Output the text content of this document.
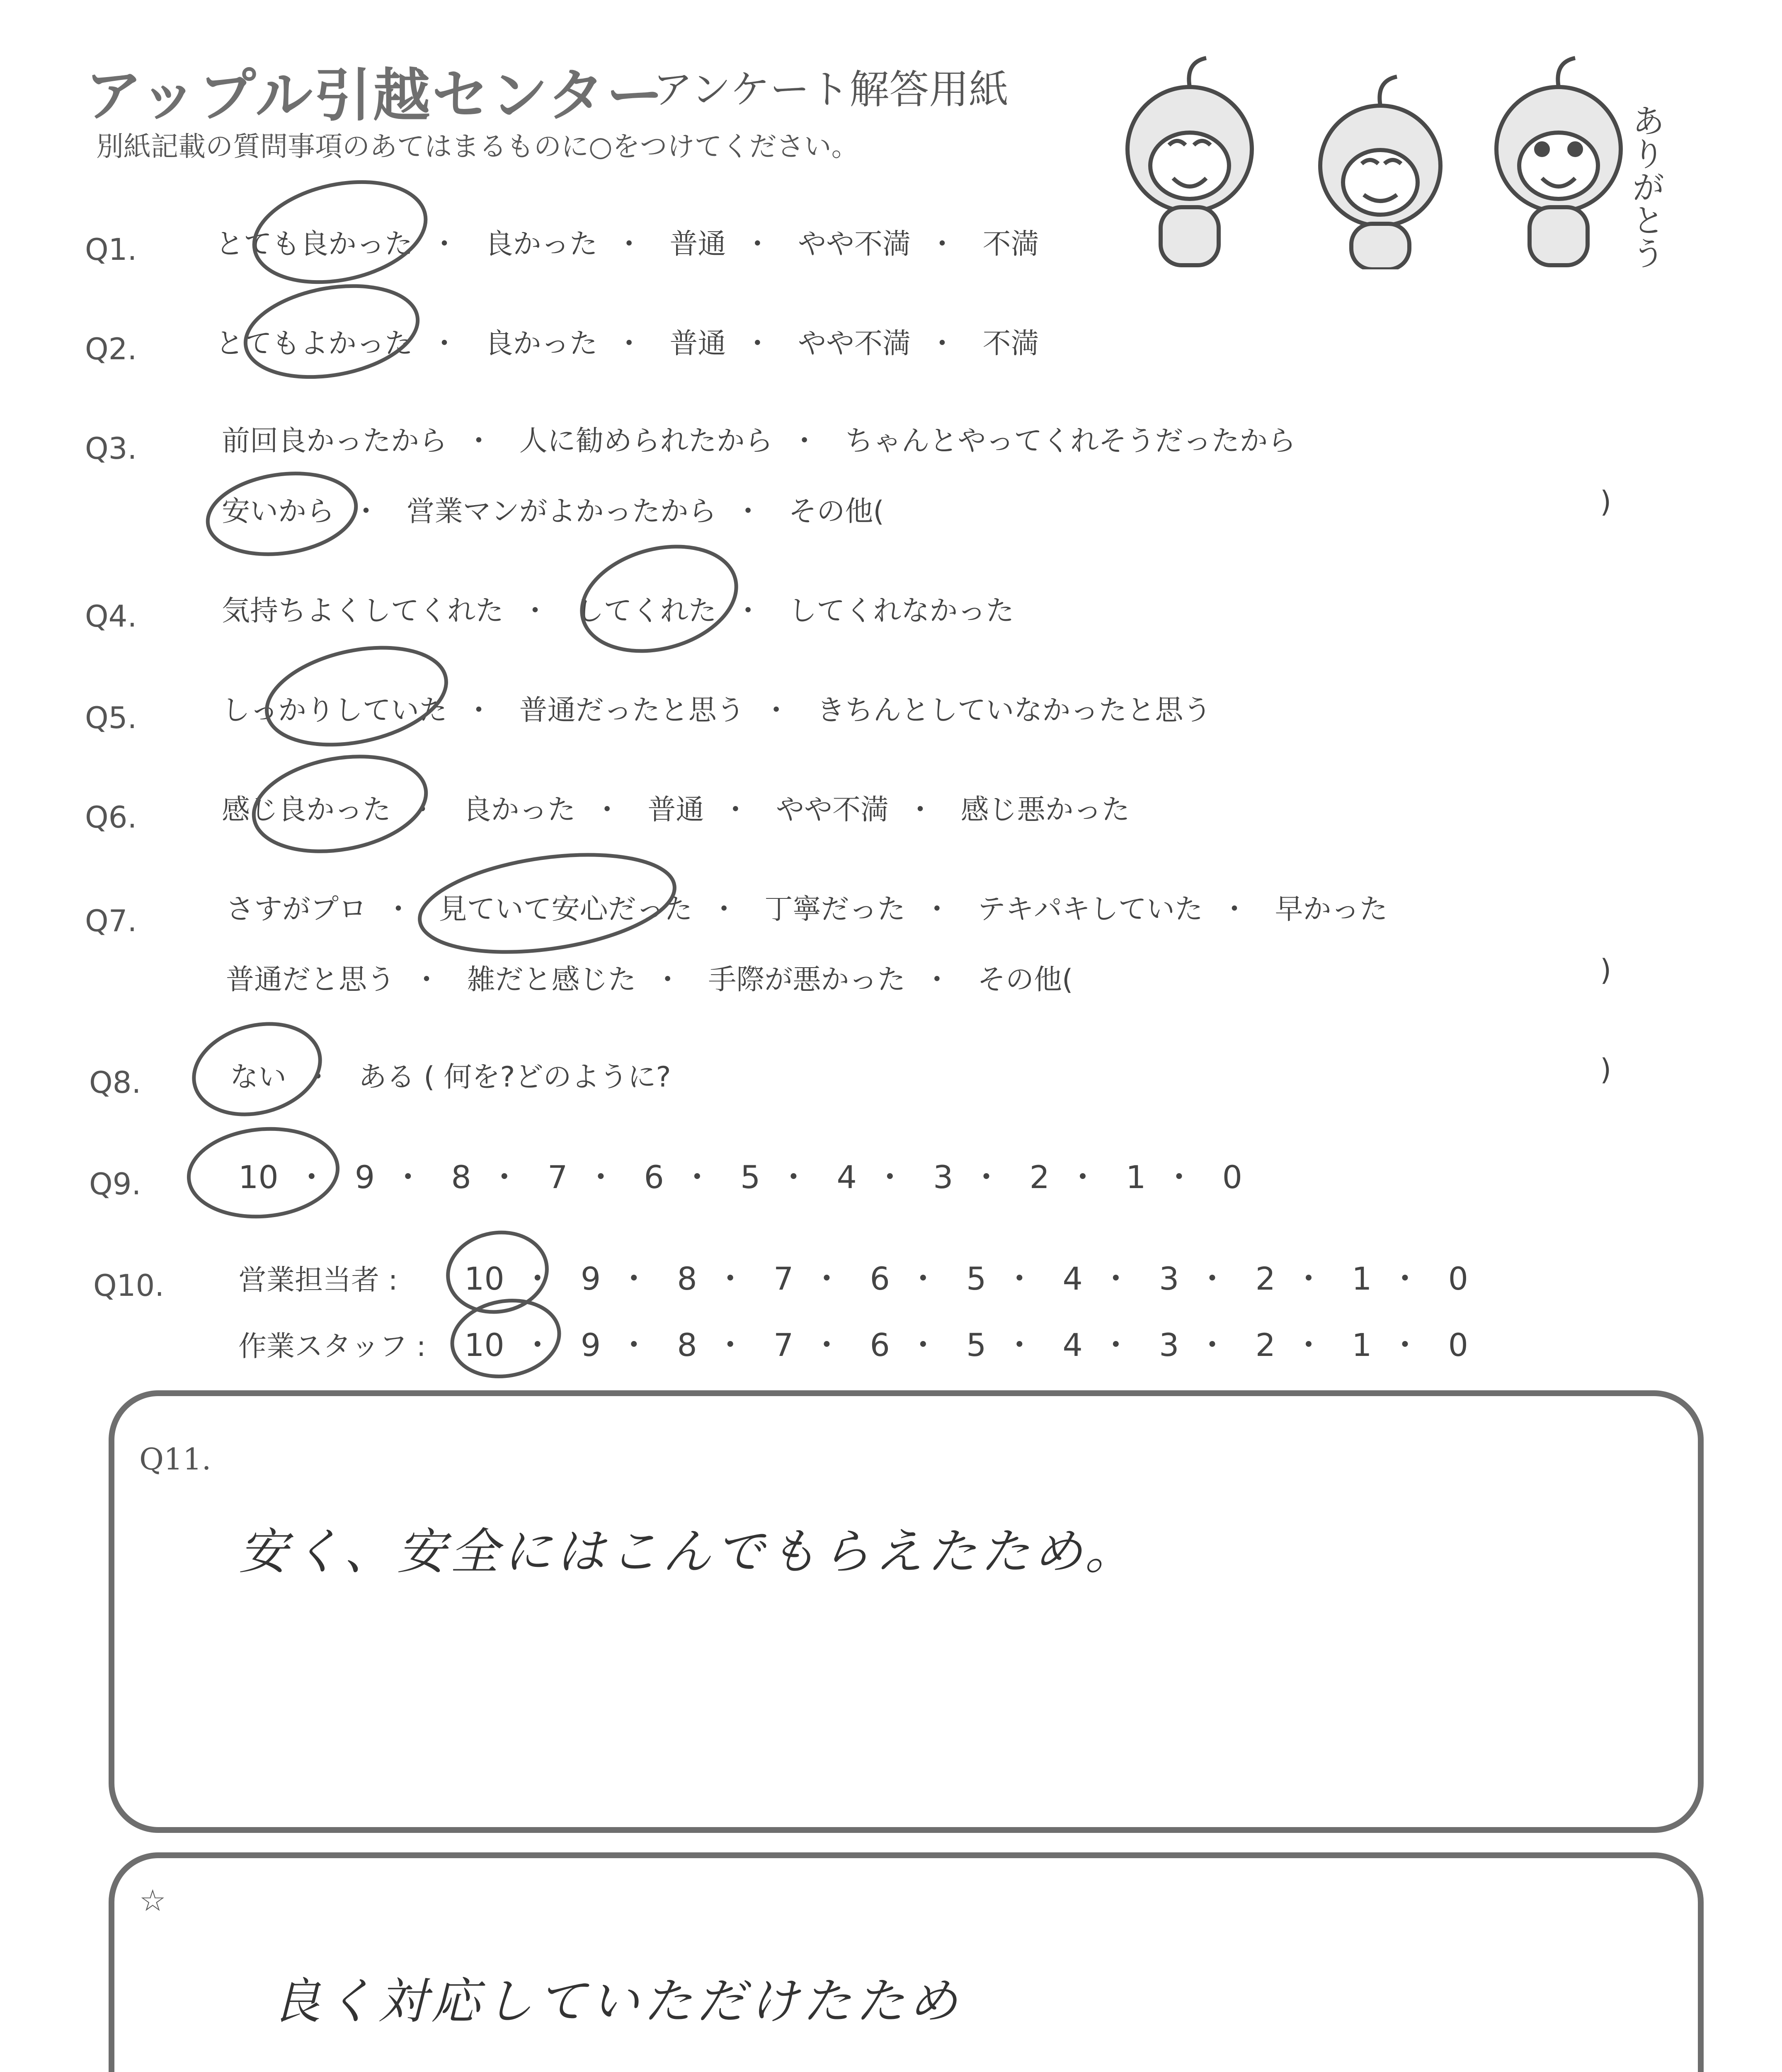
アップル引越センター
アンケート解答用紙
別紙記載の質問事項のあてはまるものに○をつけてください。	ありがとう
Q1.	とても良かった ・ 良かった ・ 普通 ・ やや不満 ・ 不満
Q2.	とてもよかった ・ 良かった ・ 普通 ・ やや不満 ・ 不満
Q3.	前回良かったから ・ 人に勧められたから ・ ちゃんとやってくれそうだったから
安いから ・ 営業マンがよかったから ・ その他(	)
Q4.	気持ちよくしてくれた ・ してくれた ・ してくれなかった
Q5.	しっかりしていた ・ 普通だったと思う ・ きちんとしていなかったと思う
Q6.	感じ良かった ・ 良かった ・ 普通 ・ やや不満 ・ 感じ悪かった
Q7.	さすがプロ ・ 見ていて安心だった ・ 丁寧だった ・ テキパキしていた ・ 早かった
普通だと思う ・ 雑だと感じた ・ 手際が悪かった ・ その他(	)
Q8.	ない ・ ある ( 何を?どのように?	)
Q9.	10 ・ 9 ・ 8 ・ 7 ・ 6 ・ 5 ・ 4 ・ 3 ・ 2 ・ 1 ・ 0
Q10.	営業担当者 : 10 ・ 9 ・ 8 ・ 7 ・ 6 ・ 5 ・ 4 ・ 3 ・ 2 ・ 1 ・ 0
作業スタッフ : 10 ・ 9 ・ 8 ・ 7 ・ 6 ・ 5 ・ 4 ・ 3 ・ 2 ・ 1 ・ 0
Q11.
安く、安全にはこんでもらえたため。
☆
良く対応していただけたため
